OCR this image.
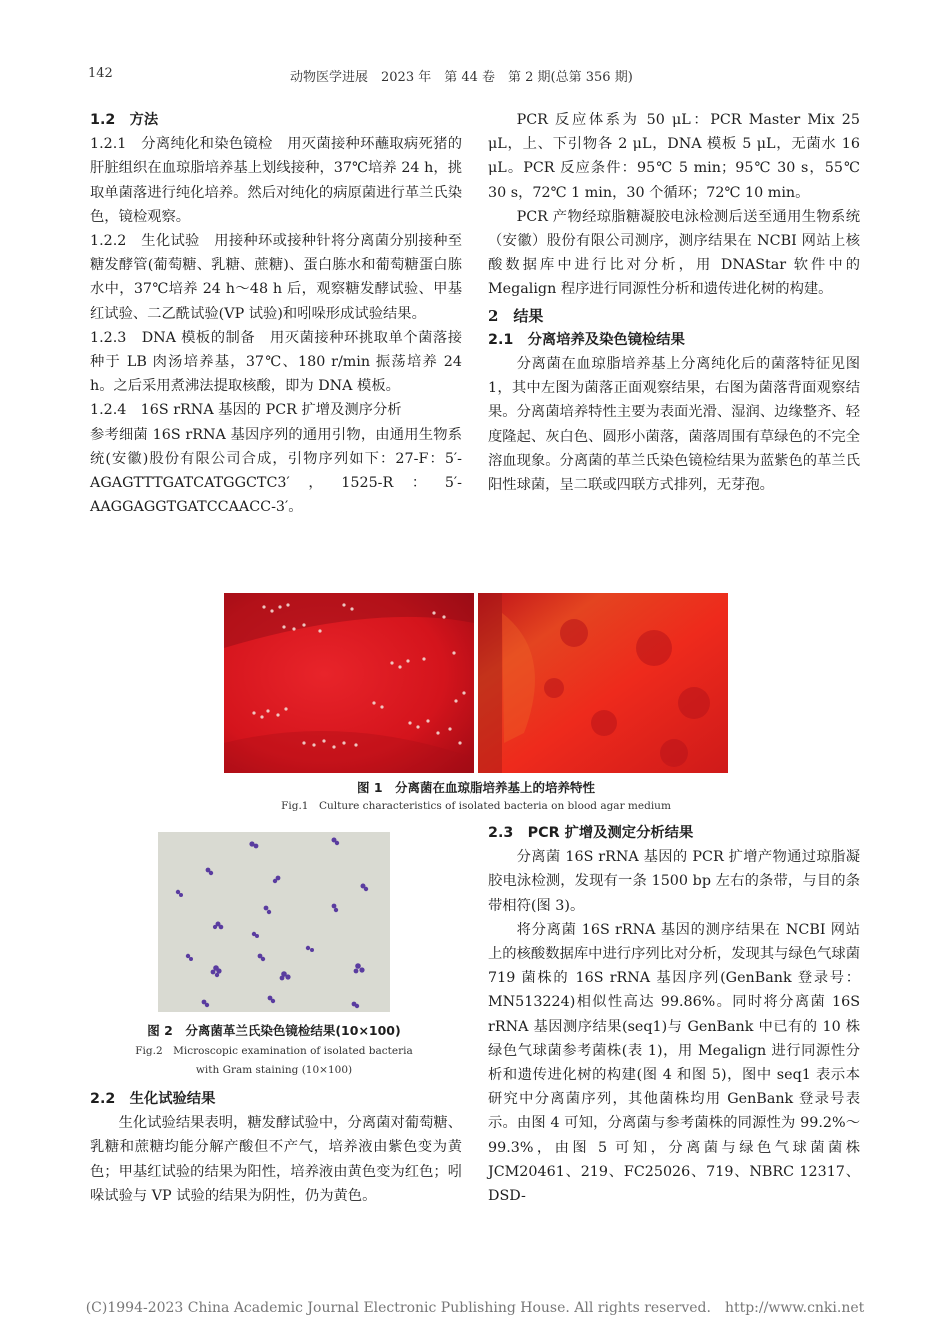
142	动物医学进展　2023 年　第 44 卷　第 2 期(总第 356 期)
1.2　方法

1.2.1　分离纯化和染色镜检　 用灭菌接种环蘸取病死猪的肝脏组织在血琼脂培养基上划线接种，37℃培养 24 h，挑取单菌落进行纯化培养。然后对纯化的病原菌进行革兰氏染色，镜检观察。

1.2.2　生化试验　 用接种环或接种针将分离菌分别接种至糖发酵管(葡萄糖、乳糖、蔗糖)、蛋白胨水和葡萄糖蛋白胨水中，37℃培养 24 h～48 h 后，观察糖发酵试验、甲基红试验、二乙酰试验(VP 试验)和吲哚形成试验结果。

1.2.3　DNA 模板的制备　 用灭菌接种环挑取单个菌落接种于 LB 肉汤培养基，37℃、180 r/min 振荡培养 24 h。之后采用煮沸法提取核酸，即为 DNA 模板。

1.2.4　16S rRNA 基因的 PCR 扩增及测序分析

参考细菌 16S rRNA 基因序列的通用引物，由通用生物系统(安徽)股份有限公司合成，引物序列如下：27-F：5′- AGAGTTTGATCATGGCTC3′，1525-R：5′-AAGGAGGTGATCCAACC-3′。

PCR 反应体系为 50 μL：PCR Master Mix 25 μL，上、下引物各 2 μL，DNA 模板 5 μL，无菌水 16 μL。PCR 反应条件：95℃ 5 min；95℃ 30 s，55℃ 30 s，72℃ 1 min，30 个循环；72℃ 10 min。

PCR 产物经琼脂糖凝胶电泳检测后送至通用生物系统（安徽）股份有限公司测序，测序结果在 NCBI 网站上核酸数据库中进行比对分析，用 DNAStar 软件中的 Megalign 程序进行同源性分析和遗传进化树的构建。

2　结果
2.1　分离培养及染色镜检结果

分离菌在血琼脂培养基上分离纯化后的菌落特征见图 1，其中左图为菌落正面观察结果，右图为菌落背面观察结果。分离菌培养特性主要为表面光滑、湿润、边缘整齐、轻度隆起、灰白色、圆形小菌落，菌落周围有草绿色的不完全溶血现象。分离菌的革兰氏染色镜检结果为蓝紫色的革兰氏阳性球菌，呈二联或四联方式排列，无芽孢。

图 1　分离菌在血琼脂培养基上的培养特性
Fig.1　Culture characteristics of isolated bacteria on blood agar medium
图 2　分离菌革兰氏染色镜检结果(10×100)
Fig.2　Microscopic examination of isolated bacteria
with Gram staining (10×100)
2.2　生化试验结果

生化试验结果表明，糖发酵试验中，分离菌对葡萄糖、乳糖和蔗糖均能分解产酸但不产气，培养液由紫色变为黄色；甲基红试验的结果为阳性，培养液由黄色变为红色；吲哚试验与 VP 试验的结果为阴性，仍为黄色。

2.3　PCR 扩增及测定分析结果

分离菌 16S rRNA 基因的 PCR 扩增产物通过琼脂凝胶电泳检测，发现有一条 1500 bp 左右的条带，与目的条带相符(图 3)。

将分离菌 16S rRNA 基因的测序结果在 NCBI 网站上的核酸数据库中进行序列比对分析，发现其与绿色气球菌 719 菌株的 16S rRNA 基因序列(GenBank 登录号：MN513224)相似性高达 99.86%。同时将分离菌 16S rRNA 基因测序结果(seq1)与 GenBank 中已有的 10 株绿色气球菌参考菌株(表 1)，用 Megalign 进行同源性分析和遗传进化树的构建(图 4 和图 5)，图中 seq1 表示本研究中分离菌序列，其他菌株均用 GenBank 登录号表示。由图 4 可知，分离菌与参考菌株的同源性为 99.2%～99.3%，由图 5 可知，分离菌与绿色气球菌菌株 JCM20461、219、FC25026、719、NBRC 12317、DSD-

(C)1994-2023 China Academic Journal Electronic Publishing House. All rights reserved.　http://www.cnki.net
